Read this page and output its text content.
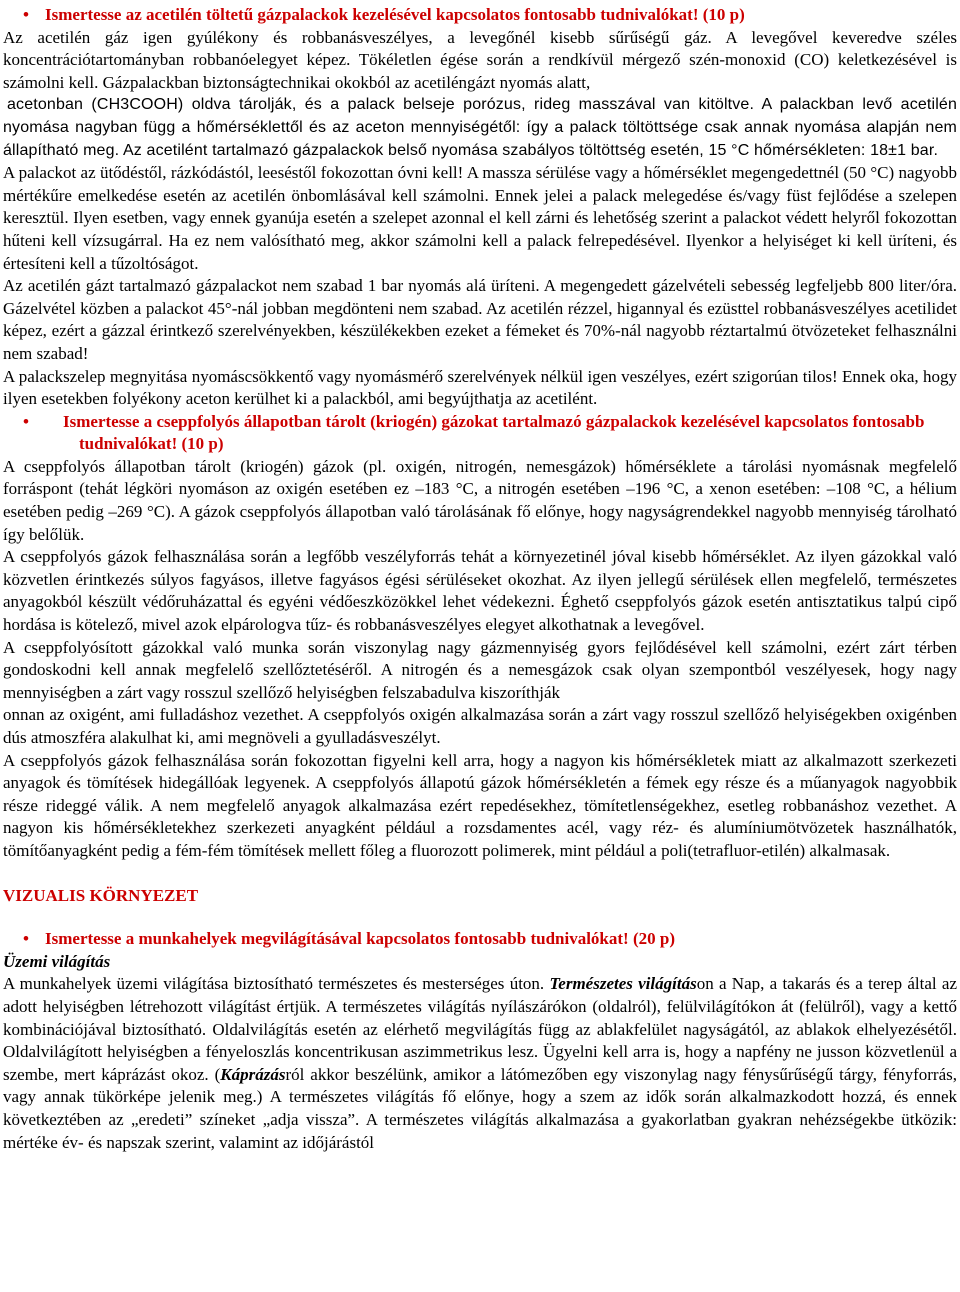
• Ismertesse az acetilén töltetű gázpalackok kezelésével kapcsolatos fontosabb tudnivalókat! (10 p)
Az acetilén gáz igen gyúlékony és robbanásveszélyes, a levegőnél kisebb sűrűségű gáz. A levegővel keveredve széles koncentrációtartományban robbanóelegyet képez. Tökéletlen égése során a rendkívül mérgező szén-monoxid (CO) keletkezésével is számolni kell. Gázpalackban biztonságtechnikai okokból az acetiléngázt nyomás alatt,
acetonban (CH3COOH) oldva tárolják, és a palack belseje porózus, rideg masszával van kitöltve. A palackban levő acetilén nyomása nagyban függ a hőmérséklettől és az aceton mennyiségétől: így a palack töltöttsége csak annak nyomása alapján nem állapítható meg. Az acetilént tartalmazó gázpalackok belső nyomása szabályos töltöttség esetén, 15 °C hőmérsékleten: 18±1 bar.
A palackot az ütődéstől, rázkódástól, leeséstől fokozottan óvni kell! A massza sérülése vagy a hőmérséklet megengedettnél (50 °C) nagyobb mértékűre emelkedése esetén az acetilén önbomlásával kell számolni. Ennek jelei a palack melegedése és/vagy füst fejlődése a szelepen keresztül. Ilyen esetben, vagy ennek gyanúja esetén a szelepet azonnal el kell zárni és lehetőség szerint a palackot védett helyről fokozottan hűteni kell vízsugárral. Ha ez nem valósítható meg, akkor számolni kell a palack felrepedésével. Ilyenkor a helyiséget ki kell üríteni, és értesíteni kell a tűzoltóságot.
Az acetilén gázt tartalmazó gázpalackot nem szabad 1 bar nyomás alá üríteni. A megengedett gázelvételi sebesség legfeljebb 800 liter/óra. Gázelvétel közben a palackot 45°-nál jobban megdönteni nem szabad. Az acetilén rézzel, higannyal és ezüsttel robbanásveszélyes acetilidet képez, ezért a gázzal érintkező szerelvényekben, készülékekben ezeket a fémeket és 70%-nál nagyobb réztartalmú ötvözeteket felhasználni nem szabad!
A palackszelep megnyitása nyomáscsökkentő vagy nyomásmérő szerelvények nélkül igen veszélyes, ezért szigorúan tilos! Ennek oka, hogy ilyen esetekben folyékony aceton kerülhet ki a palackból, ami begyújthatja az acetilént.
• Ismertesse a cseppfolyós állapotban tárolt (kriogén) gázokat tartalmazó gázpalackok kezelésével kapcsolatos fontosabb tudnivalókat! (10 p)
A cseppfolyós állapotban tárolt (kriogén) gázok (pl. oxigén, nitrogén, nemesgázok) hőmérséklete a tárolási nyomásnak megfelelő forráspont (tehát légköri nyomáson az oxigén esetében ez –183 °C, a nitrogén esetében –196 °C, a xenon esetében: –108 °C, a hélium esetében pedig –269 °C). A gázok cseppfolyós állapotban való tárolásának fő előnye, hogy nagyságrendekkel nagyobb mennyiség tárolható így belőlük.
A cseppfolyós gázok felhasználása során a legfőbb veszélyforrás tehát a környezetinél jóval kisebb hőmérséklet. Az ilyen gázokkal való közvetlen érintkezés súlyos fagyásos, illetve fagyásos égési sérüléseket okozhat. Az ilyen jellegű sérülések ellen megfelelő, természetes anyagokból készült védőruházattal és egyéni védőeszközökkel lehet védekezni. Éghető cseppfolyós gázok esetén antisztatikus talpú cipő hordása is kötelező, mivel azok elpárologva tűz- és robbanásveszélyes elegyet alkothatnak a levegővel.
A cseppfolyósított gázokkal való munka során viszonylag nagy gázmennyiség gyors fejlődésével kell számolni, ezért zárt térben gondoskodni kell annak megfelelő szellőztetéséről. A nitrogén és a nemesgázok csak olyan szempontból veszélyesek, hogy nagy mennyiségben a zárt vagy rosszul szellőző helyiségben felszabadulva kiszoríthják
onnan az oxigént, ami fulladáshoz vezethet. A cseppfolyós oxigén alkalmazása során a zárt vagy rosszul szellőző helyiségekben oxigénben dús atmoszféra alakulhat ki, ami megnöveli a gyulladásveszélyt.
A cseppfolyós gázok felhasználása során fokozottan figyelni kell arra, hogy a nagyon kis hőmérsékletek miatt az alkalmazott szerkezeti anyagok és tömítések hidegállóak legyenek. A cseppfolyós állapotú gázok hőmérsékletén a fémek egy része és a műanyagok nagyobbik része rideggé válik. A nem megfelelő anyagok alkalmazása ezért repedésekhez, tömítetlenségekhez, esetleg robbanáshoz vezethet. A nagyon kis hőmérsékletekhez szerkezeti anyagként például a rozsdamentes acél, vagy réz- és alumíniumötvözetek használhatók, tömítőanyagként pedig a fém-fém tömítések mellett főleg a fluorozott polimerek, mint például a poli(tetrafluor-etilén) alkalmasak.
VIZUALIS KÖRNYEZET
• Ismertesse a munkahelyek megvilágításával kapcsolatos fontosabb tudnivalókat! (20 p)
Üzemi világítás
A munkahelyek üzemi világítása biztosítható természetes és mesterséges úton. Természetes világításon a Nap, a takarás és a terep által az adott helyiségben létrehozott világítást értjük. A természetes világítás nyílászárókon (oldalról), felülvilágítókon át (felülről), vagy a kettő kombinációjával biztosítható. Oldalvilágítás esetén az elérhető megvilágítás függ az ablakfelület nagyságától, az ablakok elhelyezésétől. Oldalvilágított helyiségben a fényeloszlás koncentrikusan aszimmetrikus lesz. Ügyelni kell arra is, hogy a napfény ne jusson közvetlenül a szembe, mert káprázást okoz. (Káprázásról akkor beszélünk, amikor a látómezőben egy viszonylag nagy fénysűrűségű tárgy, fényforrás, vagy annak tükörképe jelenik meg.) A természetes világítás fő előnye, hogy a szem az idők során alkalmazkodott hozzá, és ennek következtében az „eredeti” színeket „adja vissza”. A természetes világítás alkalmazása a gyakorlatban gyakran nehézségekbe ütközik: mértéke év- és napszak szerint, valamint az időjárástól
